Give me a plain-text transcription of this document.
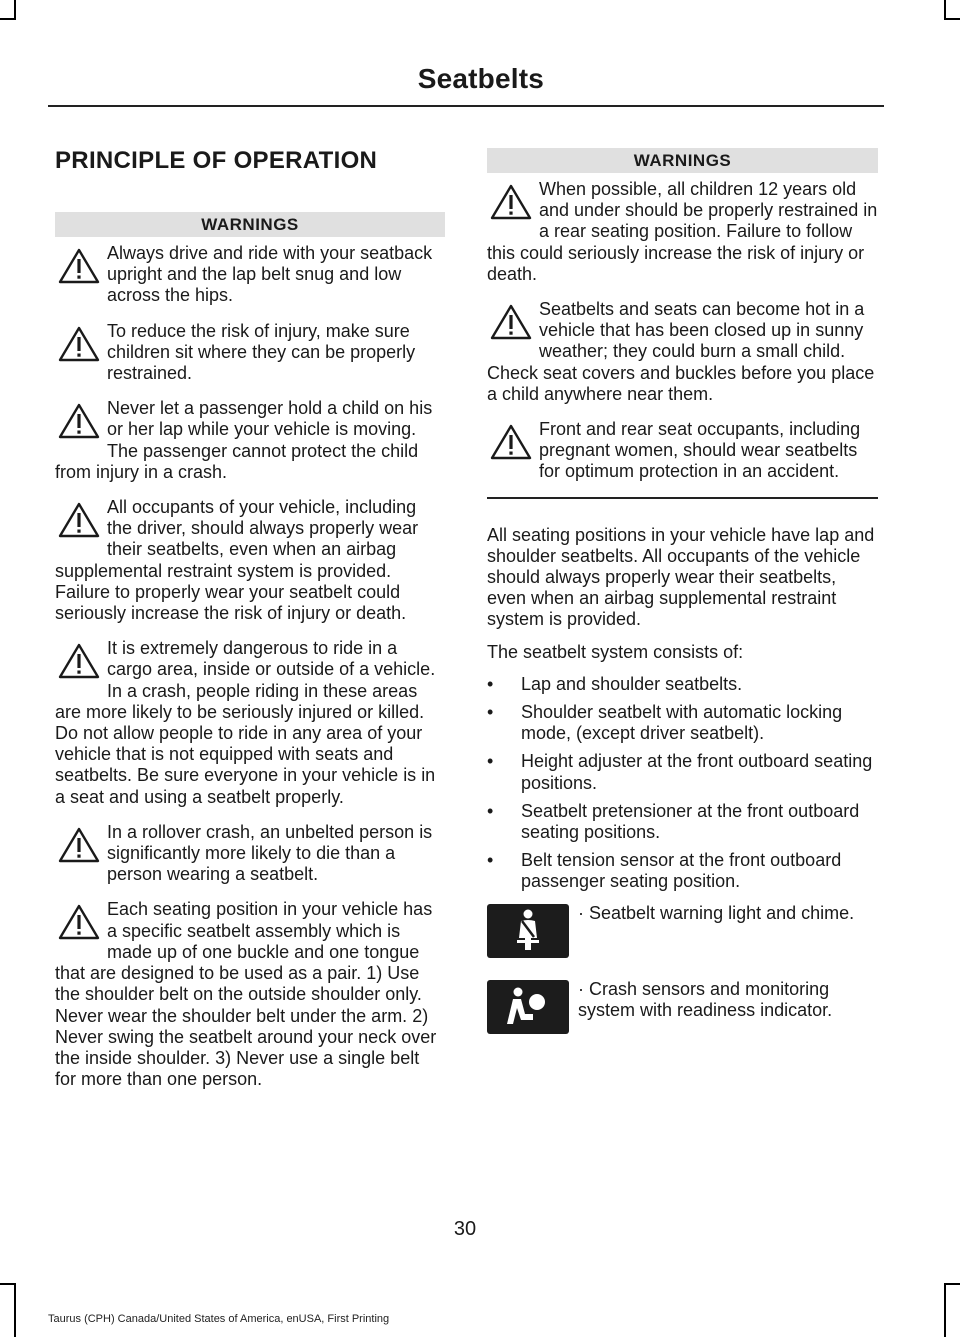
Seatbelts
PRINCIPLE OF OPERATION
WARNINGS

Always drive and ride with your seatback upright and the lap belt snug and low across the hips.

To reduce the risk of injury, make sure children sit where they can be properly restrained.

Never let a passenger hold a child on his or her lap while your vehicle is moving. The passenger cannot protect the child from injury in a crash.

All occupants of your vehicle, including the driver, should always properly wear their seatbelts, even when an airbag supplemental restraint system is provided. Failure to properly wear your seatbelt could seriously increase the risk of injury or death.

It is extremely dangerous to ride in a cargo area, inside or outside of a vehicle. In a crash, people riding in these areas are more likely to be seriously injured or killed. Do not allow people to ride in any area of your vehicle that is not equipped with seats and seatbelts. Be sure everyone in your vehicle is in a seat and using a seatbelt properly.

In a rollover crash, an unbelted person is significantly more likely to die than a person wearing a seatbelt.

Each seating position in your vehicle has a specific seatbelt assembly which is made up of one buckle and one tongue that are designed to be used as a pair. 1) Use the shoulder belt on the outside shoulder only. Never wear the shoulder belt under the arm. 2) Never swing the seatbelt around your neck over the inside shoulder. 3) Never use a single belt for more than one person.

WARNINGS

When possible, all children 12 years old and under should be properly restrained in a rear seating position. Failure to follow this could seriously increase the risk of injury or death.

Seatbelts and seats can become hot in a vehicle that has been closed up in sunny weather; they could burn a small child. Check seat covers and buckles before you place a child anywhere near them.

Front and rear seat occupants, including pregnant women, should wear seatbelts for optimum protection in an accident.

All seating positions in your vehicle have lap and shoulder seatbelts. All occupants of the vehicle should always properly wear their seatbelts, even when an airbag supplemental restraint system is provided.

The seatbelt system consists of:

• Lap and shoulder seatbelts.
• Shoulder seatbelt with automatic locking mode, (except driver seatbelt).
• Height adjuster at the front outboard seating positions.
• Seatbelt pretensioner at the front outboard seating positions.
• Belt tension sensor at the front outboard passenger seating position.
· Seatbelt warning light and chime.
· Crash sensors and monitoring system with readiness indicator.
30
Taurus (CPH) Canada/United States of America, enUSA, First Printing
